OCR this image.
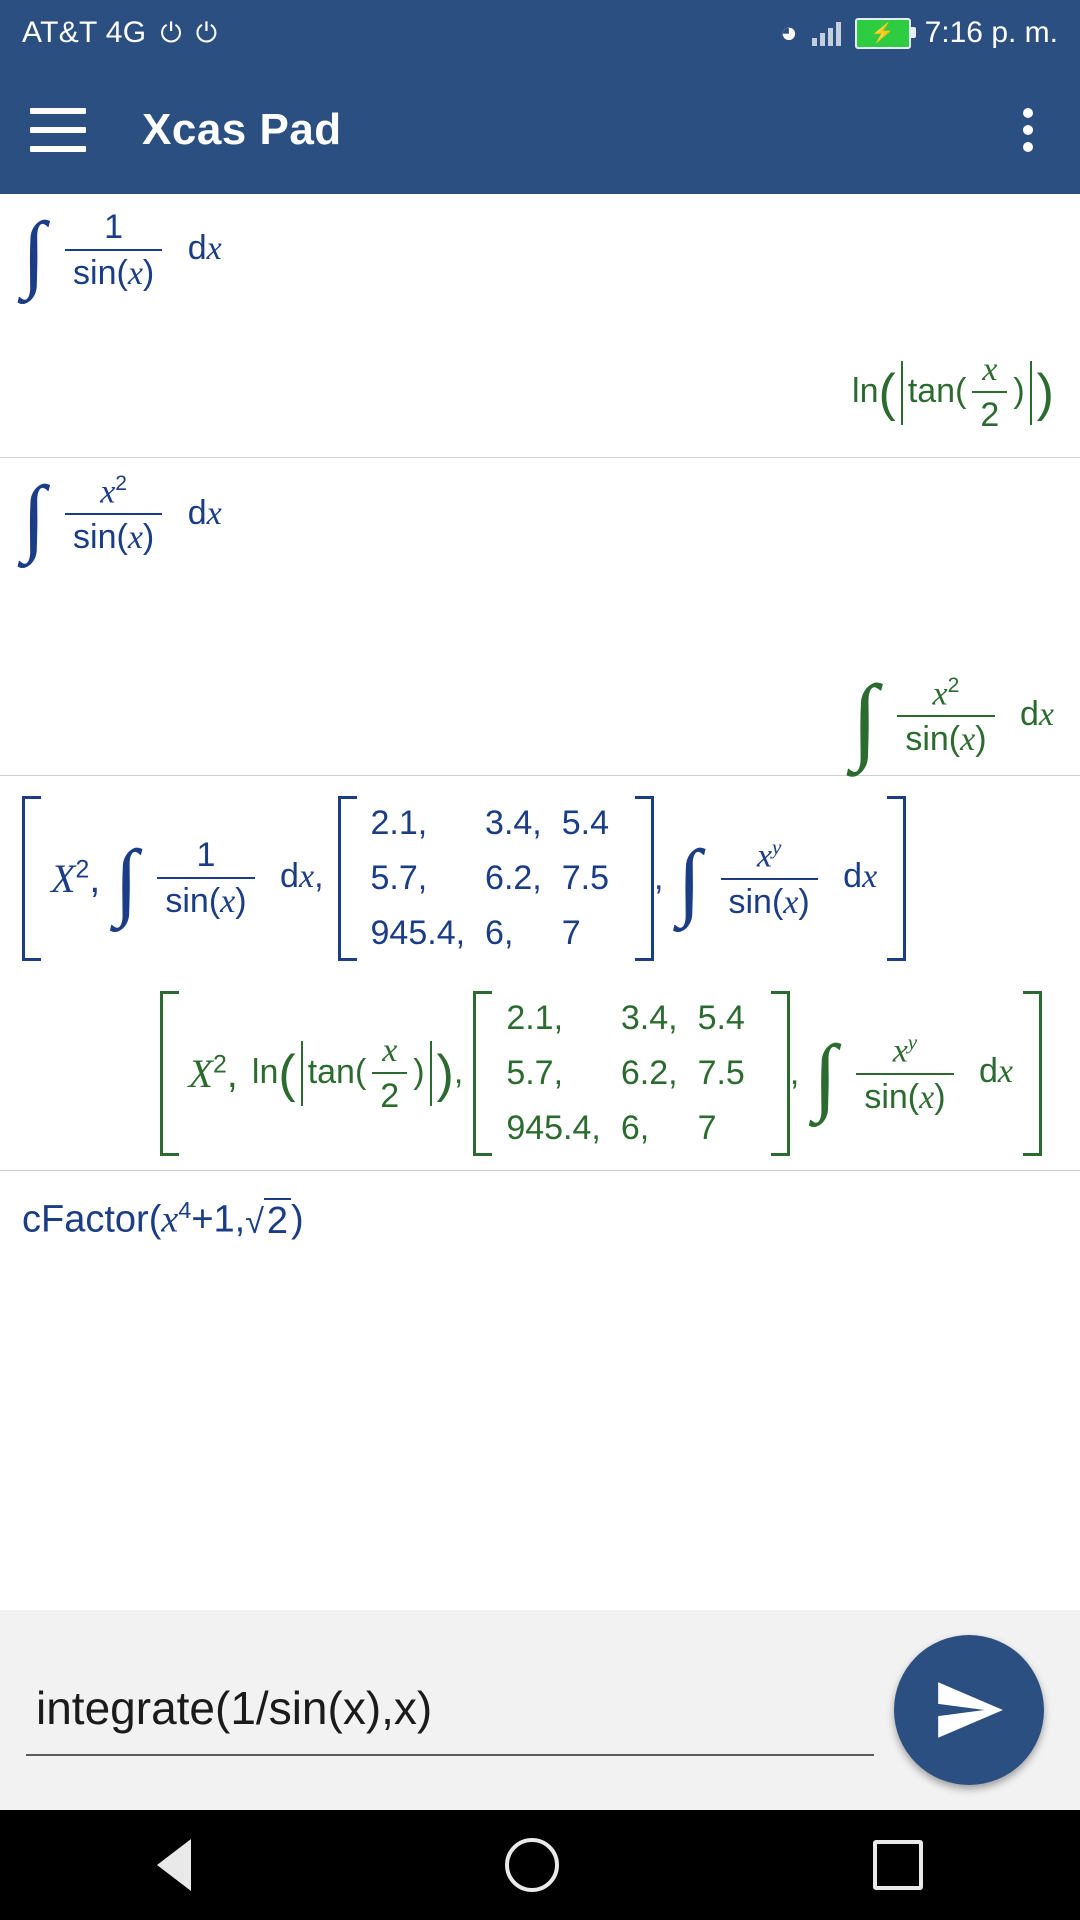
AT&T 4G ⏻ ⏻	◕	⚡ 7:16 p. m.
Xcas Pad
∫ $\frac{1}{\sin(x)}$ dx
ln( $\tan( \frac{x}{2}$ ) )
∫ $\frac{x^2}{\sin(x)}$ dx
∫ $\frac{x^2}{\sin(x)}$ dx
$X^2$, ∫ $\frac{1}{\sin(x)}$ dx,
2.1,	3.4,	5.4
5.7,	6.2,	7.5
945.4,	6,	7
, ∫ $\frac{x^y}{\sin(x)}$ dx
$X^2$, ln( $\tan( \frac{x}{2}$ ) ),
2.1,	3.4,	5.4
5.7,	6.2,	7.5
945.4,	6,	7
, ∫ $\frac{x^y}{\sin(x)}$ dx
$cFactor(x^4+1,√2)$
integrate(1/sin(x),x)
